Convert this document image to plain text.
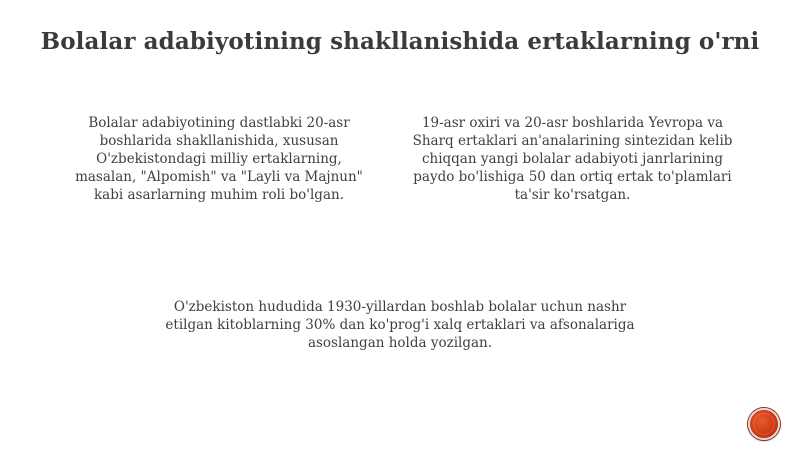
Bolalar adabiyotining shakllanishida ertaklarning o'rni
Bolalar adabiyotining dastlabki 20-asr
boshlarida shakllanishida, xususan
O'zbekistondagi milliy ertaklarning,
masalan, "Alpomish" va "Layli va Majnun"
kabi asarlarning muhim roli bo'lgan.
19-asr oxiri va 20-asr boshlarida Yevropa va
Sharq ertaklari an'analarining sintezidan kelib
chiqqan yangi bolalar adabiyoti janrlarining
paydo bo'lishiga 50 dan ortiq ertak to'plamlari
ta'sir ko'rsatgan.
O'zbekiston hududida 1930-yillardan boshlab bolalar uchun nashr
etilgan kitoblarning 30% dan ko'prog'i xalq ertaklari va afsonalariga
asoslangan holda yozilgan.
